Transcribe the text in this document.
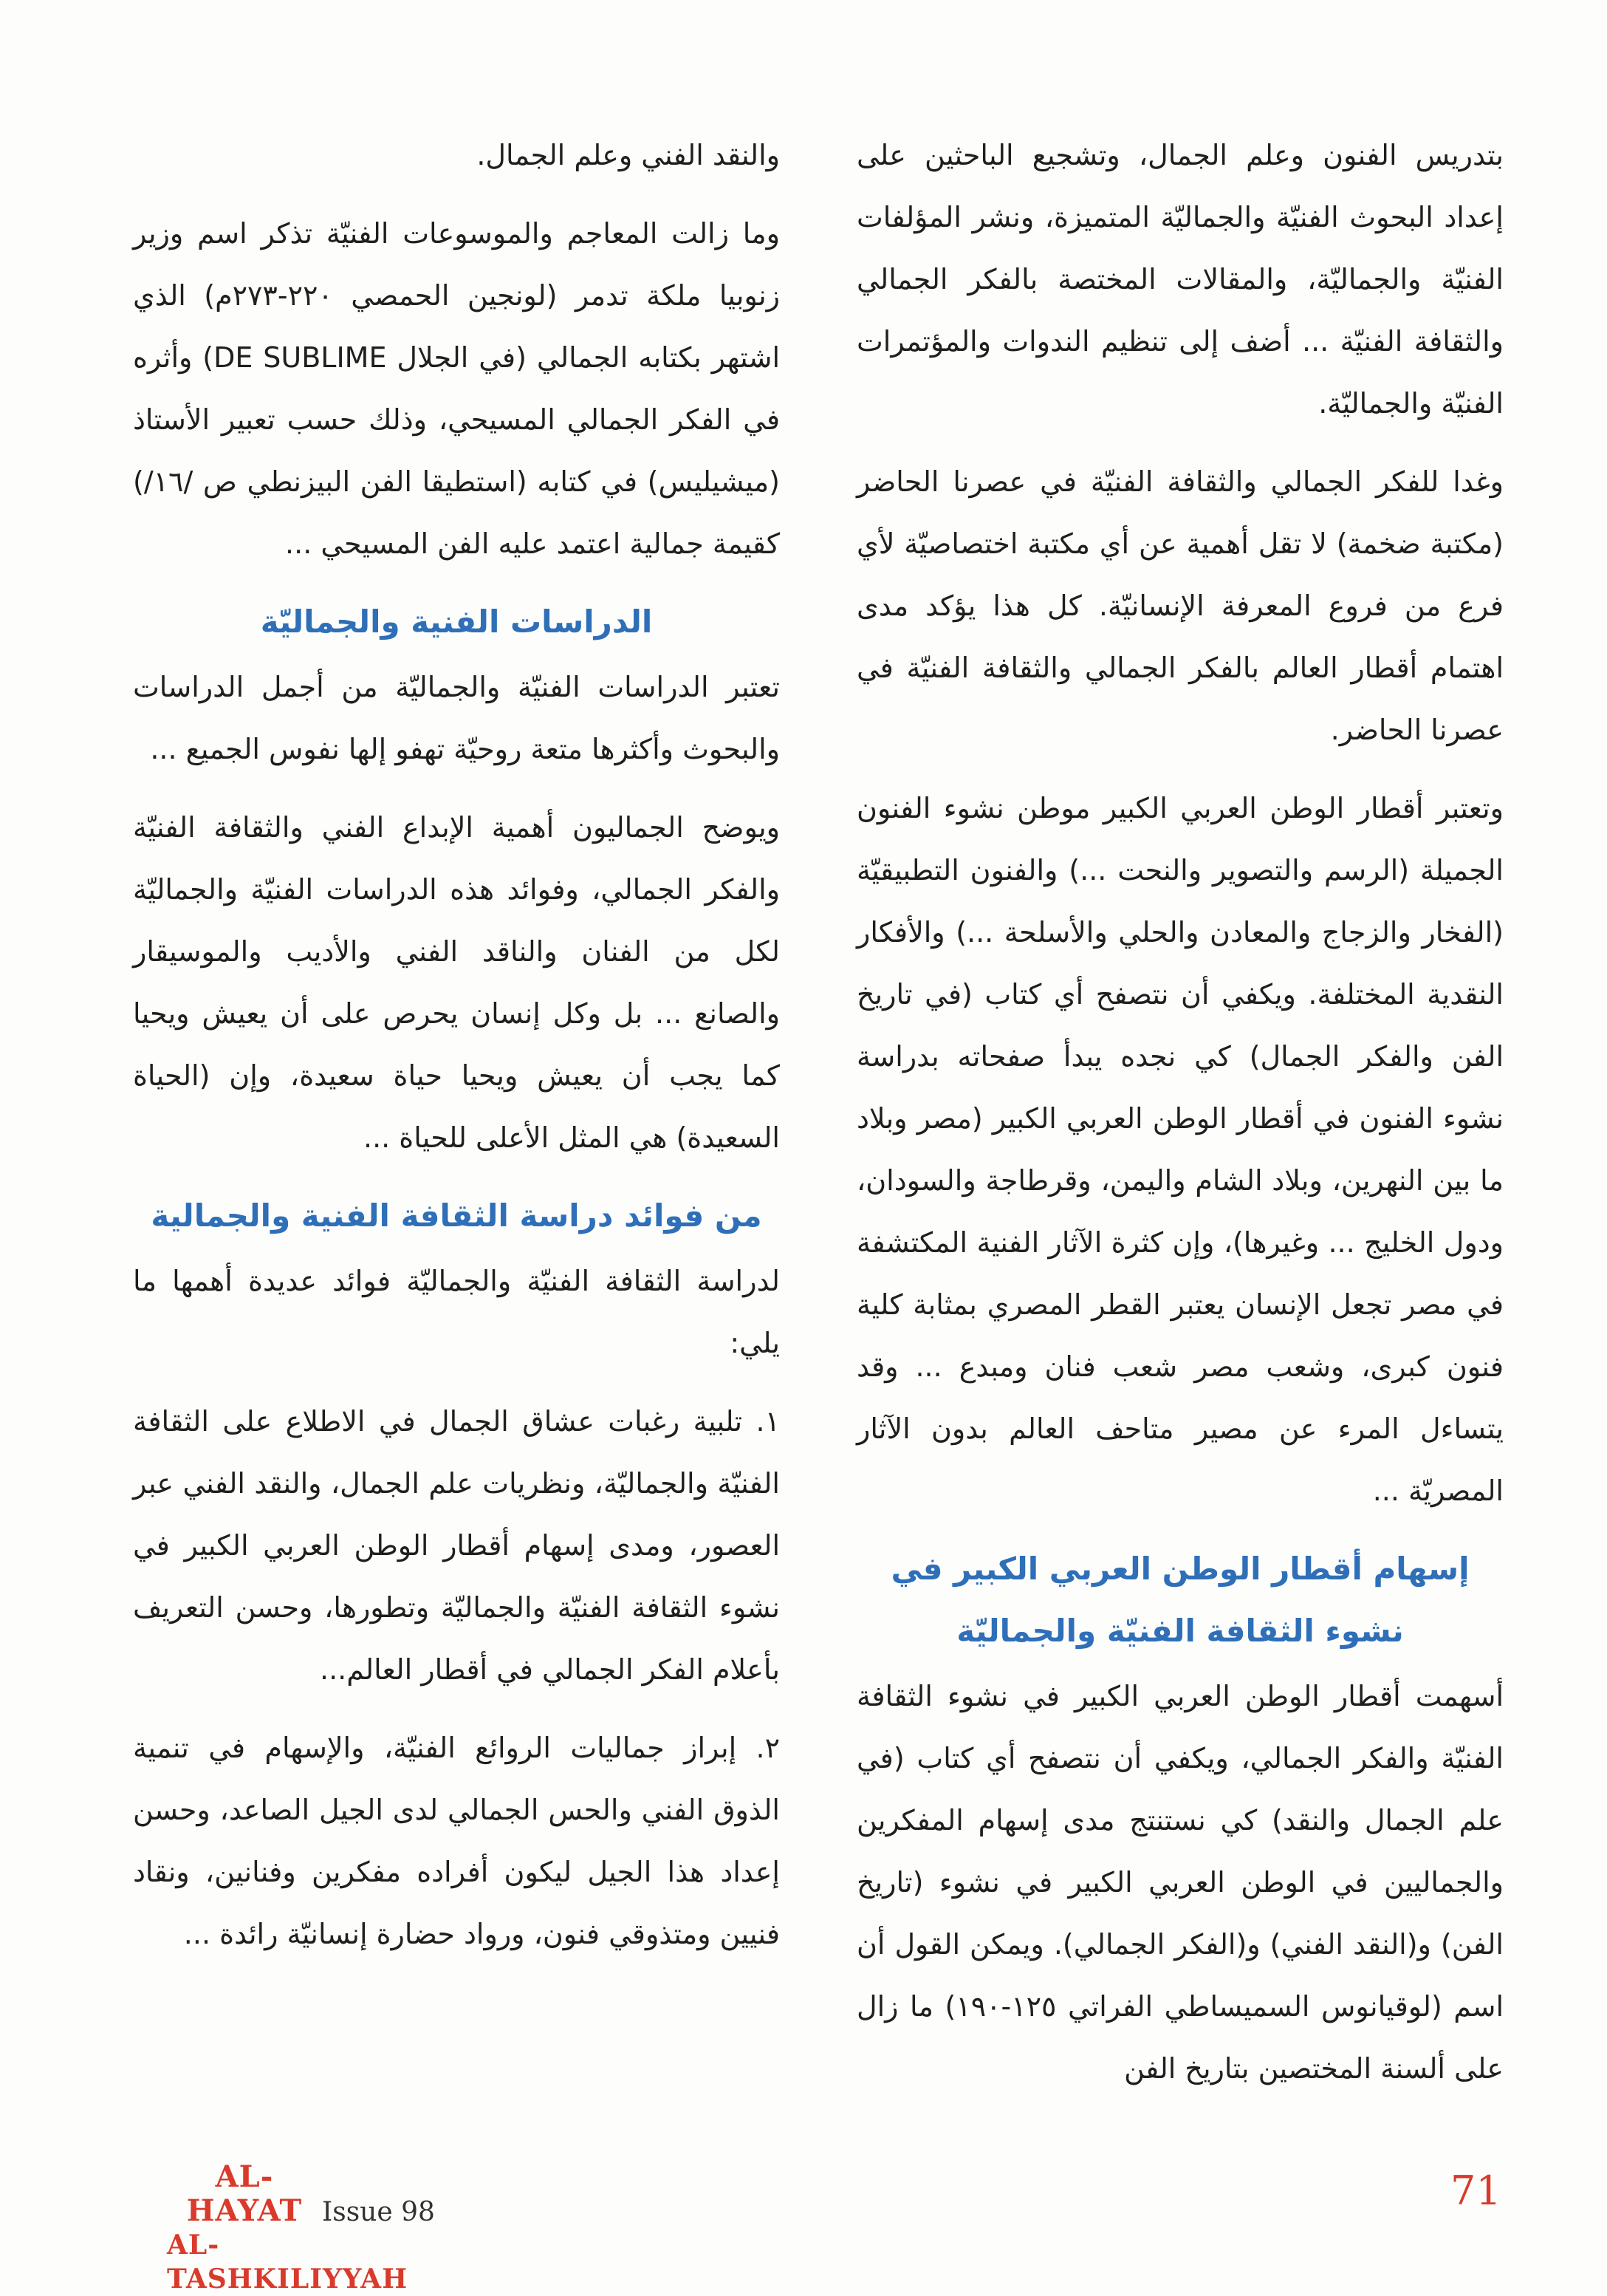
بتدريس الفنون وعلم الجمال، وتشجيع الباحثين على إعداد البحوث الفنيّة والجماليّة المتميزة، ونشر المؤلفات الفنيّة والجماليّة، والمقالات المختصة بالفكر الجمالي والثقافة الفنيّة ... أضف إلى تنظيم الندوات والمؤتمرات الفنيّة والجماليّة.

وغدا للفكر الجمالي والثقافة الفنيّة في عصرنا الحاضر (مكتبة ضخمة) لا تقل أهمية عن أي مكتبة اختصاصيّة لأي فرع من فروع المعرفة الإنسانيّة. كل هذا يؤكد مدى اهتمام أقطار العالم بالفكر الجمالي والثقافة الفنيّة في عصرنا الحاضر.

وتعتبر أقطار الوطن العربي الكبير موطن نشوء الفنون الجميلة (الرسم والتصوير والنحت ...) والفنون التطبيقيّة (الفخار والزجاج والمعادن والحلي والأسلحة ...) والأفكار النقدية المختلفة. ويكفي أن نتصفح أي كتاب (في تاريخ الفن والفكر الجمال) كي نجده يبدأ صفحاته بدراسة نشوء الفنون في أقطار الوطن العربي الكبير (مصر وبلاد ما بين النهرين، وبلاد الشام واليمن، وقرطاجة والسودان، ودول الخليج ... وغيرها)، وإن كثرة الآثار الفنية المكتشفة في مصر تجعل الإنسان يعتبر القطر المصري بمثابة كلية فنون كبرى، وشعب مصر شعب فنان ومبدع ... وقد يتساءل المرء عن مصير متاحف العالم بدون الآثار المصريّة ...

إسهام أقطار الوطن العربي الكبير في نشوء الثقافة الفنيّة والجماليّة

أسهمت أقطار الوطن العربي الكبير في نشوء الثقافة الفنيّة والفكر الجمالي، ويكفي أن نتصفح أي كتاب (في علم الجمال والنقد) كي نستنتج مدى إسهام المفكرين والجماليين في الوطن العربي الكبير في نشوء (تاريخ الفن) و(النقد الفني) و(الفكر الجمالي). ويمكن القول أن اسم (لوقيانوس السميساطي الفراتي ١٢٥-١٩٠) ما زال على ألسنة المختصين بتاريخ الفن

والنقد الفني وعلم الجمال.

وما زالت المعاجم والموسوعات الفنيّة تذكر اسم وزير زنوبيا ملكة تدمر (لونجين الحمصي ٢٢٠-٢٧٣م) الذي اشتهر بكتابه الجمالي (في الجلال DE SUBLIME) وأثره في الفكر الجمالي المسيحي، وذلك حسب تعبير الأستاذ (ميشيليس) في كتابه (استطيقا الفن البيزنطي ص /١٦/) كقيمة جمالية اعتمد عليه الفن المسيحي ...

الدراسات الفنية والجماليّة

تعتبر الدراسات الفنيّة والجماليّة من أجمل الدراسات والبحوث وأكثرها متعة روحيّة تهفو إلها نفوس الجميع ...

ويوضح الجماليون أهمية الإبداع الفني والثقافة الفنيّة والفكر الجمالي، وفوائد هذه الدراسات الفنيّة والجماليّة لكل من الفنان والناقد الفني والأديب والموسيقار والصانع ... بل وكل إنسان يحرص على أن يعيش ويحيا كما يجب أن يعيش ويحيا حياة سعيدة، وإن (الحياة السعيدة) هي المثل الأعلى للحياة ...

من فوائد دراسة الثقافة الفنية والجمالية

لدراسة الثقافة الفنيّة والجماليّة فوائد عديدة أهمها ما يلي:

١. تلبية رغبات عشاق الجمال في الاطلاع على الثقافة الفنيّة والجماليّة، ونظريات علم الجمال، والنقد الفني عبر العصور، ومدى إسهام أقطار الوطن العربي الكبير في نشوء الثقافة الفنيّة والجماليّة وتطورها، وحسن التعريف بأعلام الفكر الجمالي في أقطار العالم...

٢. إبراز جماليات الروائع الفنيّة، والإسهام في تنمية الذوق الفني والحس الجمالي لدى الجيل الصاعد، وحسن إعداد هذا الجيل ليكون أفراده مفكرين وفنانين، ونقاد فنيين ومتذوقي فنون، ورواد حضارة إنسانيّة رائدة ...

AL-HAYAT
AL-TASHKILIYYAH
Issue 98	71
